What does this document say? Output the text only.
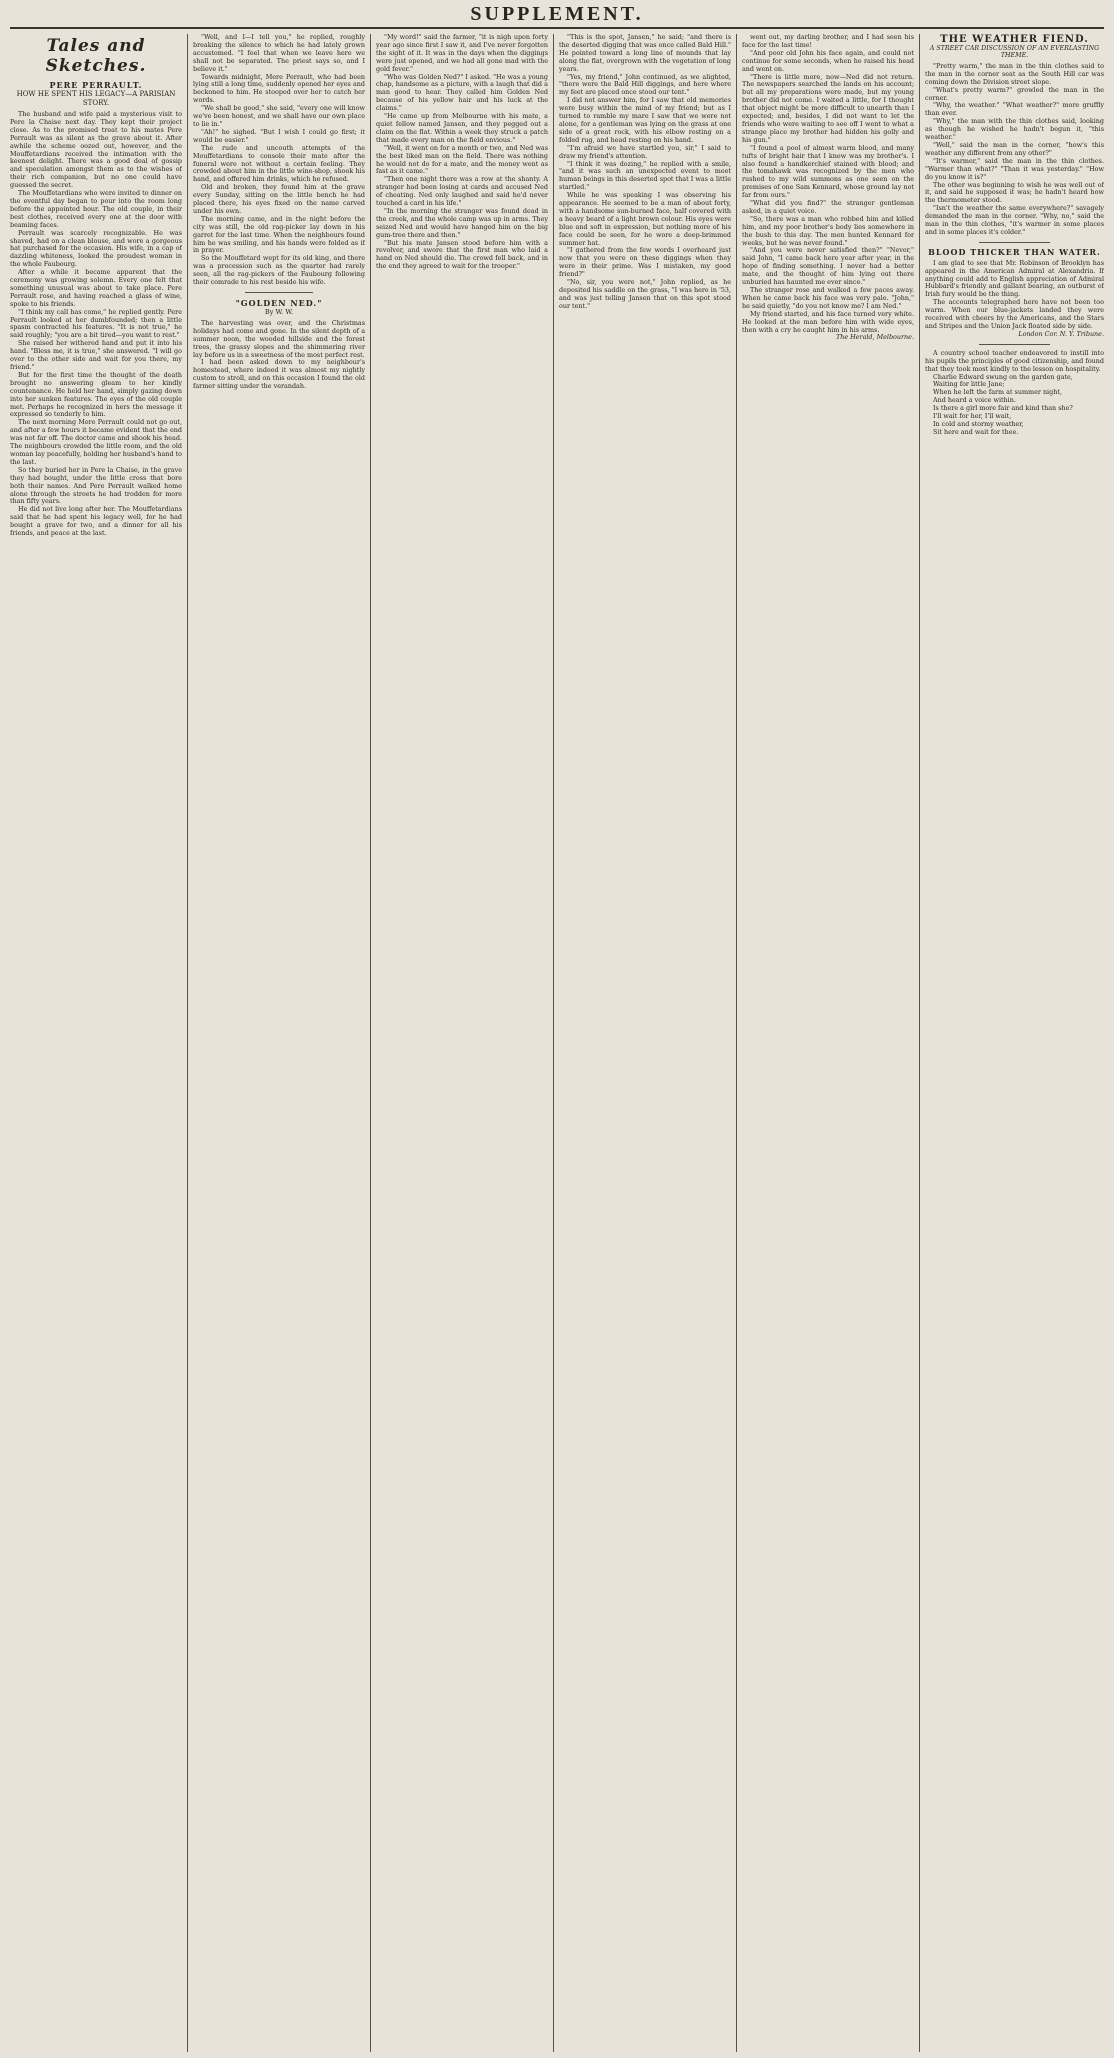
SUPPLEMENT.
Tales and Sketches.
PERE PERRAULT.
HOW HE SPENT HIS LEGACY—A PARISIAN STORY.

The husband and wife paid a mysterious visit to Pere la Chaise next day. They kept their project close. As to the promised treat to his mates Pere Perrault was as silent as the grave about it. After awhile the scheme oozed out, however, and the Mouffetardians received the intimation with the keenest delight. There was a good deal of gossip and speculation amongst them as to the wishes of their rich companion, but no one could have guessed the secret.

The Mouffetardians who were invited to dinner on the eventful day began to pour into the room long before the appointed hour. The old couple, in their best clothes, received every one at the door with beaming faces.

Perrault was scarcely recognizable. He was shaved, had on a clean blouse, and wore a gorgeous hat purchased for the occasion. His wife, in a cap of dazzling whiteness, looked the proudest woman in the whole Faubourg.

After a while it became apparent that the ceremony was growing solemn. Every one felt that something unusual was about to take place. Pere Perrault rose, and having reached a glass of wine, spoke to his friends.

"I think my call has come," he replied gently. Pere Perrault looked at her dumbfounded; then a little spasm contracted his features. "It is not true," he said roughly; "you are a bit tired—you want to rest."

She raised her withered hand and put it into his hand. "Bless me, it is true," she answered. "I will go over to the other side and wait for you there, my friend."

But for the first time the thought of the death brought no answering gleam to her kindly countenance. He held her hand, simply gazing down into her sunken features. The eyes of the old couple met. Perhaps he recognized in hers the message it expressed so tenderly to him.

The next morning Mere Perrault could not go out, and after a few hours it became evident that the end was not far off. The doctor came and shook his head. The neighbours crowded the little room, and the old woman lay peacefully, holding her husband's hand to the last.

So they buried her in Pere la Chaise, in the grave they had bought, under the little cross that bore both their names. And Pere Perrault walked home alone through the streets he had trodden for more than fifty years.

He did not live long after her. The Mouffetardians said that he had spent his legacy well, for he had bought a grave for two, and a dinner for all his friends, and peace at the last.

"Well, and I—I tell you," he replied, roughly breaking the silence to which he had lately grown accustomed. "I feel that when we leave here we shall not be separated. The priest says so, and I believe it."

Towards midnight, Mere Perrault, who had been lying still a long time, suddenly opened her eyes and beckoned to him. He stooped over her to catch her words.

"We shall be good," she said, "every one will know we've been honest, and we shall have our own place to lie in."

"Ah!" he sighed. "But I wish I could go first; it would be easier."

The rude and uncouth attempts of the Mouffetardians to console their mate after the funeral were not without a certain feeling. They crowded about him in the little wine-shop, shook his hand, and offered him drinks, which he refused.

Old and broken, they found him at the grave every Sunday, sitting on the little bench he had placed there, his eyes fixed on the name carved under his own.

The morning came, and in the night before the city was still, the old rag-picker lay down in his garret for the last time. When the neighbours found him he was smiling, and his hands were folded as if in prayer.

So the Mouffetard wept for its old king, and there was a procession such as the quarter had rarely seen, all the rag-pickers of the Faubourg following their comrade to his rest beside his wife.

"GOLDEN NED."
By W. W.

The harvesting was over, and the Christmas holidays had come and gone. In the silent depth of a summer noon, the wooded hillside and the forest trees, the grassy slopes and the shimmering river lay before us in a sweetness of the most perfect rest.

I had been asked down to my neighbour's homestead, where indeed it was almost my nightly custom to stroll, and on this occasion I found the old farmer sitting under the verandah.

"My word!" said the farmer, "it is nigh upon forty year ago since first I saw it, and I've never forgotten the sight of it. It was in the days when the diggings were just opened, and we had all gone mad with the gold fever."

"Who was Golden Ned?" I asked. "He was a young chap, handsome as a picture, with a laugh that did a man good to hear. They called him Golden Ned because of his yellow hair and his luck at the claims."

"He came up from Melbourne with his mate, a quiet fellow named Jansen, and they pegged out a claim on the flat. Within a week they struck a patch that made every man on the field envious."

"Well, it went on for a month or two, and Ned was the best liked man on the field. There was nothing he would not do for a mate, and the money went as fast as it came."

"Then one night there was a row at the shanty. A stranger had been losing at cards and accused Ned of cheating. Ned only laughed and said he'd never touched a card in his life."

"In the morning the stranger was found dead in the creek, and the whole camp was up in arms. They seized Ned and would have hanged him on the big gum-tree there and then."

"But his mate Jansen stood before him with a revolver, and swore that the first man who laid a hand on Ned should die. The crowd fell back, and in the end they agreed to wait for the trooper."

"This is the spot, Jansen," he said; "and there is the deserted digging that was once called Bald Hill." He pointed toward a long line of mounds that lay along the flat, overgrown with the vegetation of long years.

"Yes, my friend," John continued, as we alighted, "there were the Bald Hill diggings, and here where my feet are placed once stood our tent."

I did not answer him, for I saw that old memories were busy within the mind of my friend; but as I turned to ramble my mare I saw that we were not alone, for a gentleman was lying on the grass at one side of a great rock, with his elbow resting on a folded rug, and head resting on his hand.

"I'm afraid we have startled you, sir," I said to draw my friend's attention.

"I think it was dozing," he replied with a smile, "and it was such an unexpected event to meet human beings in this deserted spot that I was a little startled."

While he was speaking I was observing his appearance. He seemed to be a man of about forty, with a handsome sun-burned face, half covered with a heavy beard of a light brown colour. His eyes were blue and soft in expression, but nothing more of his face could be seen, for he wore a deep-brimmed summer hat.

"I gathered from the few words I overheard just now that you were on these diggings when they were in their prime. Was I mistaken, my good friend?"

"No, sir, you were not," John replied, as he deposited his saddle on the grass, "I was here in '53, and was just telling Jansen that on this spot stood our tent."

went out, my darling brother, and I had seen his face for the last time!

"And poor old John his face again, and could not continue for some seconds, when he raised his head and went on.

"There is little more, now—Ned did not return. The newspapers searched the lands on his account; but all my preparations were made, but my young brother did not come. I waited a little, for I thought that object might be more difficult to unearth than I expected; and, besides, I did not want to let the friends who were waiting to see off I went to what a strange place my brother had hidden his golly and his gun."

"I found a pool of almost warm blood, and many tufts of bright hair that I knew was my brother's. I also found a handkerchief stained with blood; and the tomahawk was recognized by the men who rushed to my wild summons as one seen on the premises of one Sam Kennard, whose ground lay not far from ours."

"What did you find?" the stranger gentleman asked, in a quiet voice.

"So, there was a man who robbed him and killed him, and my poor brother's body lies somewhere in the bush to this day. The men hunted Kennard for weeks, but he was never found."

"And you were never satisfied then?" "Never," said John, "I came back here year after year, in the hope of finding something. I never had a better mate, and the thought of him lying out there unburied has haunted me ever since."

The stranger rose and walked a few paces away. When he came back his face was very pale. "John," he said quietly, "do you not know me? I am Ned."

My friend started, and his face turned very white. He looked at the man before him with wide eyes, then with a cry he caught him in his arms.

The Herald, Melbourne.
THE WEATHER FIEND.
A STREET CAR DISCUSSION OF AN EVERLASTING THEME.

"Pretty warm," the man in the thin clothes said to the man in the corner seat as the South Hill car was coming down the Division street slope.

"What's pretty warm?" growled the man in the corner.

"Why, the weather." "What weather?" more gruffly than ever.

"Why," the man with the thin clothes said, looking as though he wished he hadn't begun it, "this weather."

"Well," said the man in the corner, "how's this weather any different from any other?"

"It's warmer," said the man in the thin clothes. "Warmer than what?" "Than it was yesterday." "How do you know it is?"

The other was beginning to wish he was well out of it, and said he supposed it was; he hadn't heard how the thermometer stood.

"Isn't the weather the same everywhere?" savagely demanded the man in the corner. "Why, no," said the man in the thin clothes, "it's warmer in some places and in some places it's colder."

BLOOD THICKER THAN WATER.

I am glad to see that Mr. Robinson of Brooklyn has appeared in the American Admiral at Alexandria. If anything could add to English appreciation of Admiral Hubbard's friendly and gallant bearing, an outburst of Irish fury would be the thing.

The accounts telegraphed here have not been too warm. When our blue-jackets landed they were received with cheers by the Americans, and the Stars and Stripes and the Union Jack floated side by side.

London Cor. N. Y. Tribune.

A country school teacher endeavored to instill into his pupils the principles of good citizenship, and found that they took most kindly to the lesson on hospitality.

Charlie Edward swung on the garden gate,

Waiting for little Jane;

When he left the farm at summer night,

And heard a voice within.

Is there a girl more fair and kind than she?

I'll wait for her, I'll wait,

In cold and stormy weather,

Sit here and wait for thee.
